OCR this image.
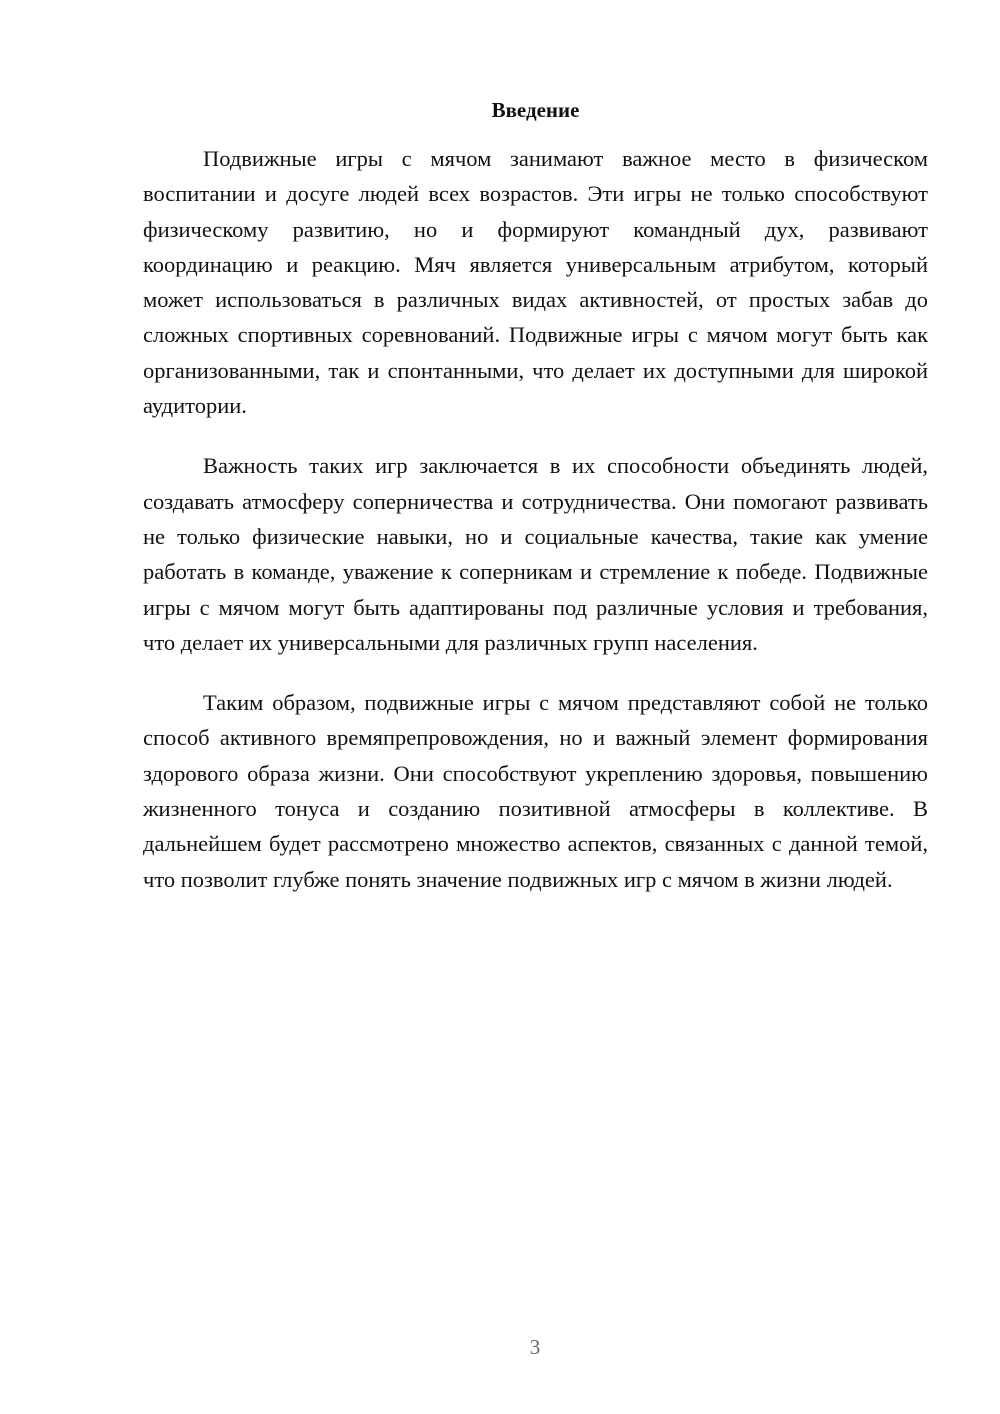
Введение

Подвижные игры с мячом занимают важное место в физическом воспитании и досуге людей всех возрастов. Эти игры не только способствуют физическому развитию, но и формируют командный дух, развивают координацию и реакцию. Мяч является универсальным атрибутом, который может использоваться в различных видах активностей, от простых забав до сложных спортивных соревнований. Подвижные игры с мячом могут быть как организованными, так и спонтанными, что делает их доступными для широкой аудитории.

Важность таких игр заключается в их способности объединять людей, создавать атмосферу соперничества и сотрудничества. Они помогают развивать не только физические навыки, но и социальные качества, такие как умение работать в команде, уважение к соперникам и стремление к победе. Подвижные игры с мячом могут быть адаптированы под различные условия и требования, что делает их универсальными для различных групп населения.

Таким образом, подвижные игры с мячом представляют собой не только способ активного времяпрепровождения, но и важный элемент формирования здорового образа жизни. Они способствуют укреплению здоровья, повышению жизненного тонуса и созданию позитивной атмосферы в коллективе. В дальнейшем будет рассмотрено множество аспектов, связанных с данной темой, что позволит глубже понять значение подвижных игр с мячом в жизни людей.

3
